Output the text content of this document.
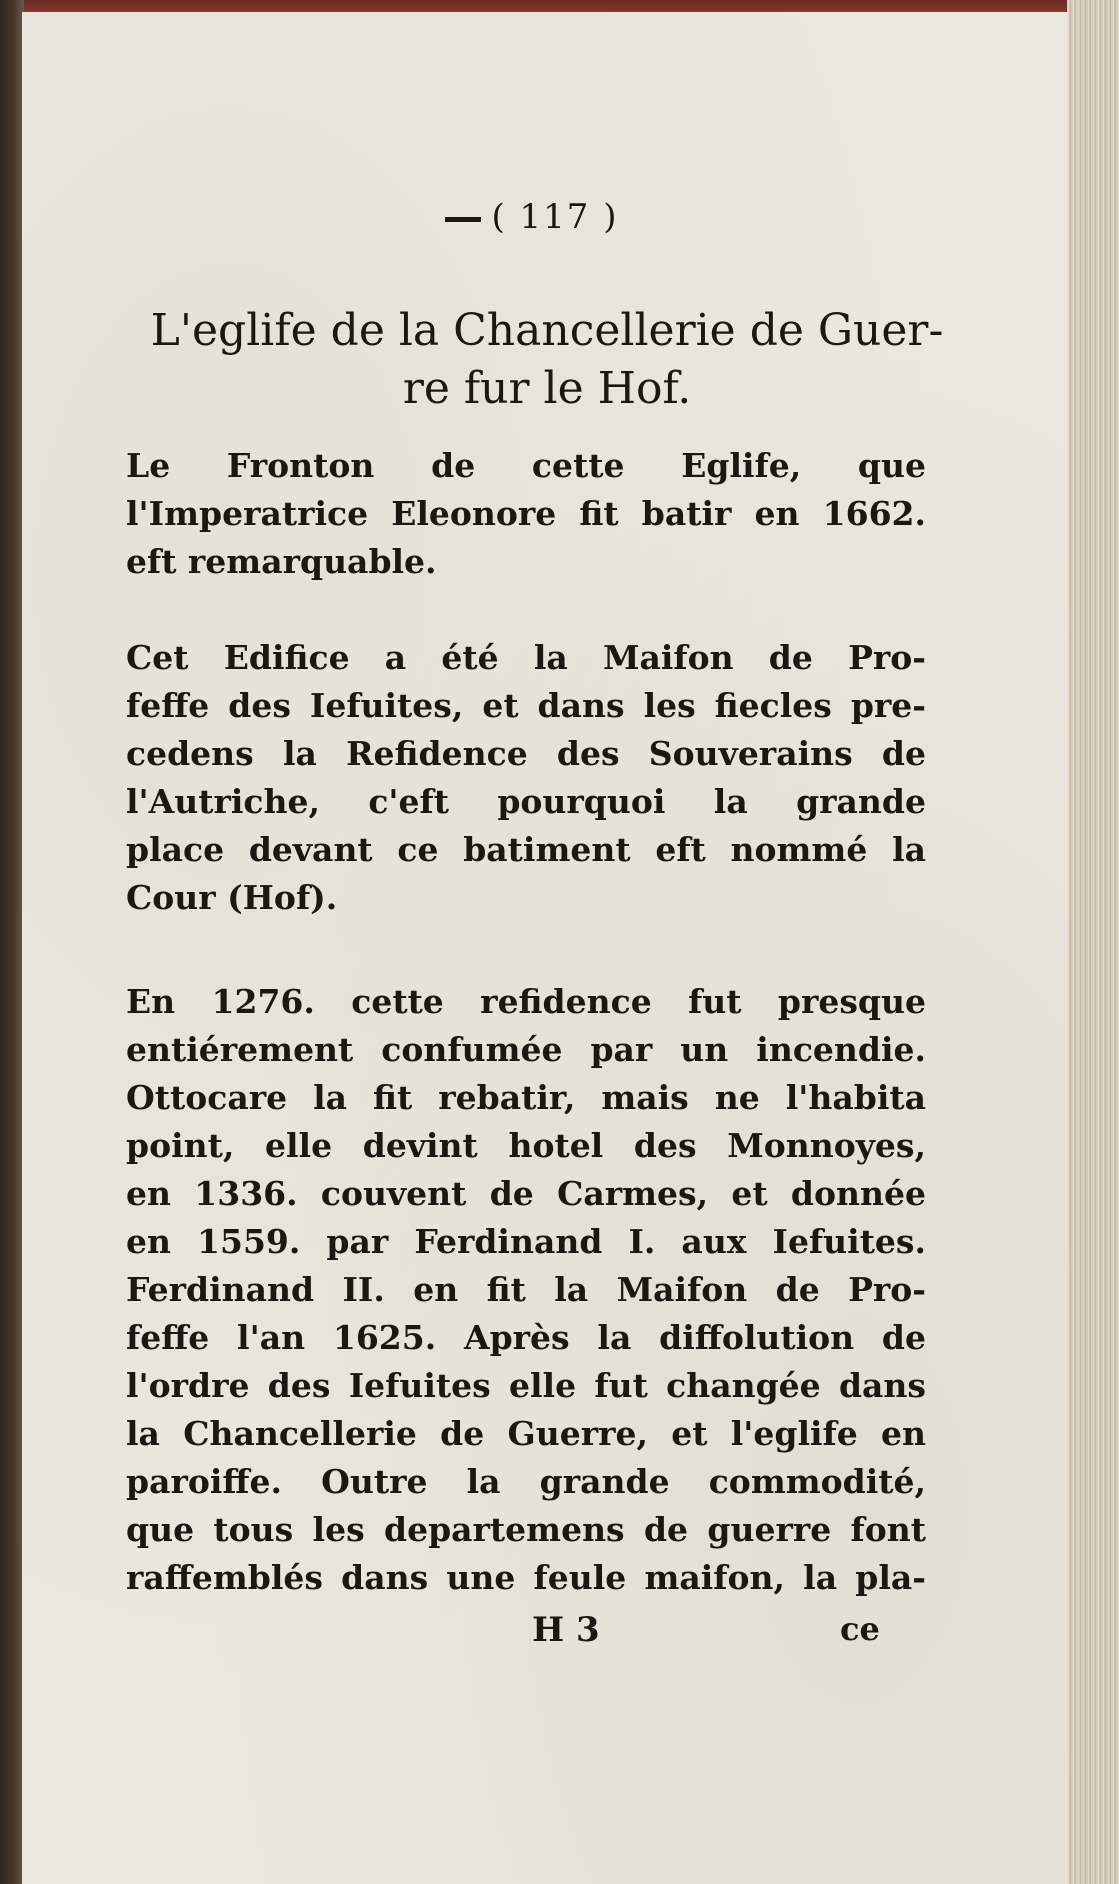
( 117 )
L'eglife de la Chancellerie de Guer-
re fur le Hof.
Le Fronton de cette Eglife, que
l'Imperatrice Eleonore fit batir en 1662.
eft remarquable.
Cet Edifice a été la Maifon de Pro-
feffe des Iefuites, et dans les fiecles pre-
cedens la Refidence des Souverains de
l'Autriche, c'eft pourquoi la grande
place devant ce batiment eft nommé la
Cour (Hof).
En 1276. cette refidence fut presque
entiérement confumée par un incendie.
Ottocare la fit rebatir, mais ne l'habita
point, elle devint hotel des Monnoyes,
en 1336. couvent de Carmes, et donnée
en 1559. par Ferdinand I. aux Iefuites.
Ferdinand II. en fit la Maifon de Pro-
feffe l'an 1625. Après la diffolution de
l'ordre des Iefuites elle fut changée dans
la Chancellerie de Guerre, et l'eglife en
paroiffe. Outre la grande commodité,
que tous les departemens de guerre font
raffemblés dans une feule maifon, la pla-
H 3	ce
